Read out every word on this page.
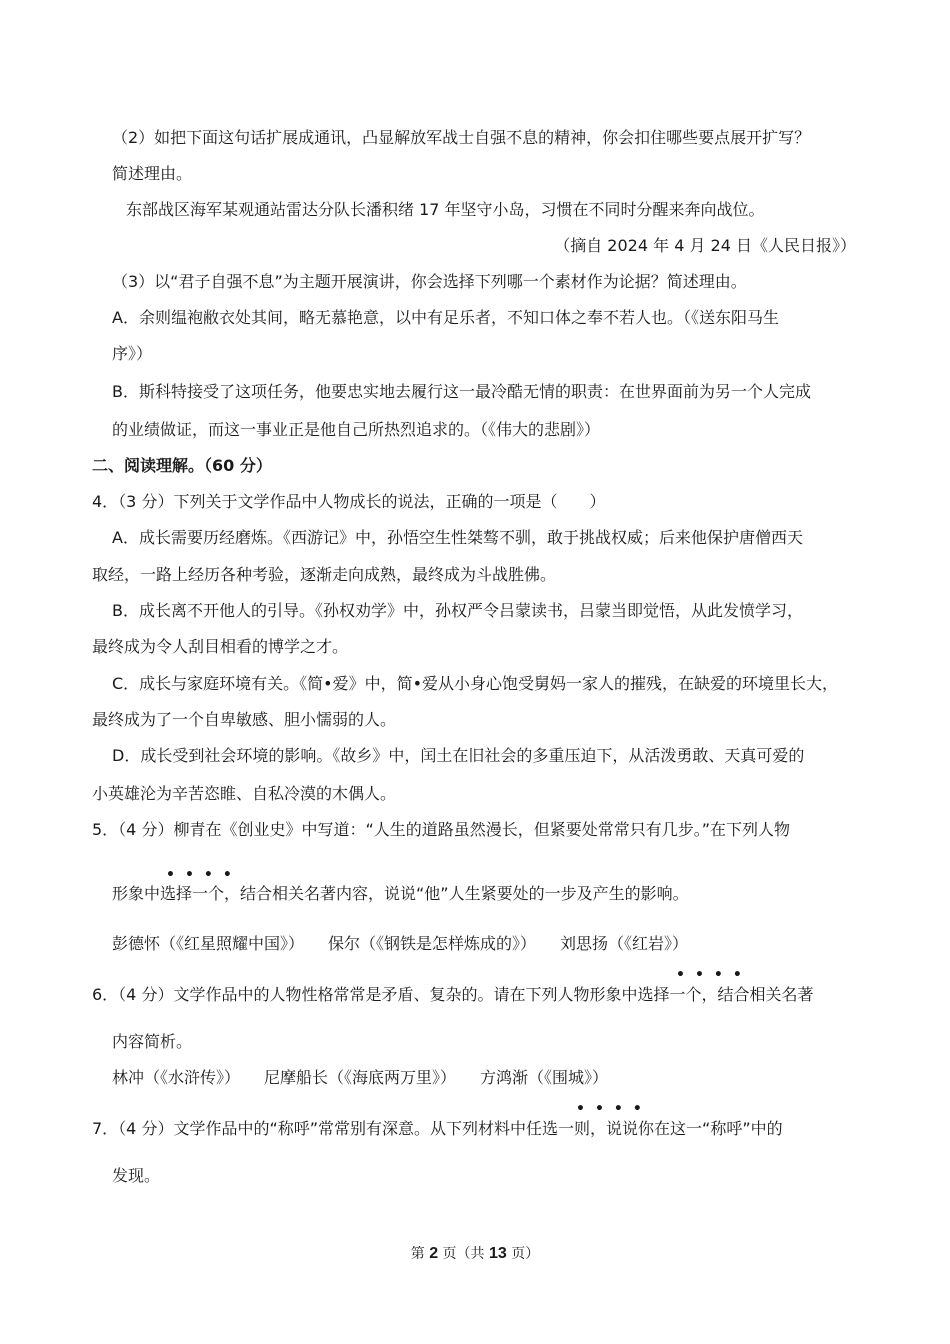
（2）如把下面这句话扩展成通讯，凸显解放军战士自强不息的精神，你会扣住哪些要点展开扩写？
简述理由。
东部战区海军某观通站雷达分队长潘积绪 17 年坚守小岛，习惯在不同时分醒来奔向战位。
（摘自 2024 年 4 月 24 日《人民日报》）
（3）以“君子自强不息”为主题开展演讲，你会选择下列哪一个素材作为论据？简述理由。
A．余则缊袍敝衣处其间，略无慕艳意，以中有足乐者，不知口体之奉不若人也。（《送东阳马生
序》）
B．斯科特接受了这项任务，他要忠实地去履行这一最冷酷无情的职责：在世界面前为另一个人完成
的业绩做证，而这一事业正是他自己所热烈追求的。（《伟大的悲剧》）
二、阅读理解。（60 分）
4．（3 分）下列关于文学作品中人物成长的说法，正确的一项是（　　）
A．成长需要历经磨炼。《西游记》中，孙悟空生性桀骜不驯，敢于挑战权威；后来他保护唐僧西天
取经，一路上经历各种考验，逐渐走向成熟，最终成为斗战胜佛。
B．成长离不开他人的引导。《孙权劝学》中，孙权严令吕蒙读书，吕蒙当即觉悟，从此发愤学习，
最终成为令人刮目相看的博学之才。
C．成长与家庭环境有关。《简•爱》中，简•爱从小身心饱受舅妈一家人的摧残，在缺爱的环境里长大，
最终成为了一个自卑敏感、胆小懦弱的人。
D．成长受到社会环境的影响。《故乡》中，闰土在旧社会的多重压迫下，从活泼勇敢、天真可爱的
小英雄沦为辛苦恣睢、自私冷漠的木偶人。
5．（4 分）柳青在《创业史》中写道：“人生的道路虽然漫长，但紧要处常常只有几步。”在下列人物
••••
形象中选择一个，结合相关名著内容，说说“他”人生紧要处的一步及产生的影响。
彭德怀（《红星照耀中国》）　　保尔（《钢铁是怎样炼成的》）　　刘思扬（《红岩》）
••••
6．（4 分）文学作品中的人物性格常常是矛盾、复杂的。请在下列人物形象中选择一个，结合相关名著
内容简析。
林冲（《水浒传》）　　尼摩船长（《海底两万里》）　　方鸿渐（《围城》）
••••
7．（4 分）文学作品中的“称呼”常常别有深意。从下列材料中任选一则，说说你在这一“称呼”中的
发现。
第 2 页（共 13 页）
